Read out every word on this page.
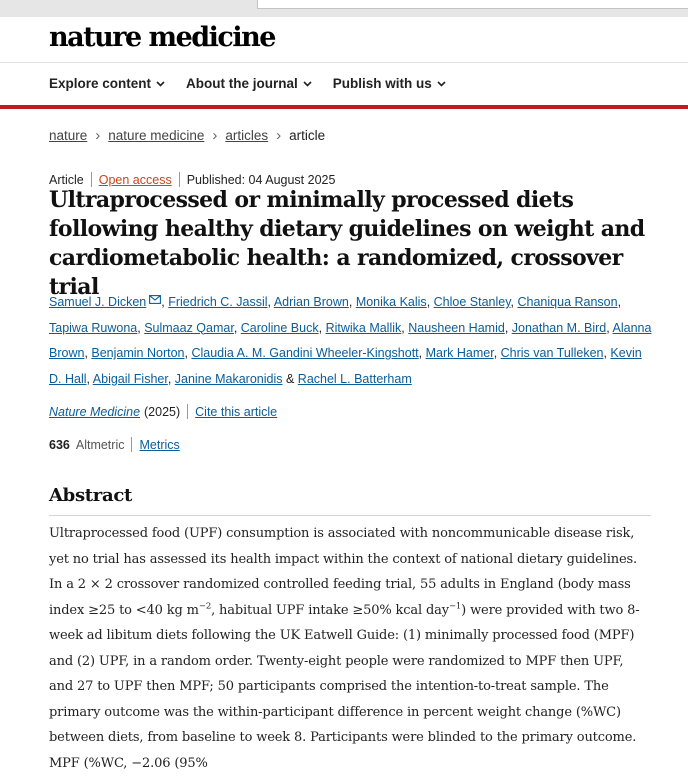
nature medicine
Explore content	About the journal	Publish with us
nature › nature medicine › articles › article
Article Open access Published: 04 August 2025
Ultraprocessed or minimally processed diets following healthy dietary guidelines on weight and cardiometabolic health: a randomized, crossover trial
Samuel J. Dicken , Friedrich C. Jassil, Adrian Brown, Monika Kalis, Chloe Stanley, Chaniqua Ranson,
Tapiwa Ruwona, Sulmaaz Qamar, Caroline Buck, Ritwika Mallik, Nausheen Hamid, Jonathan M. Bird, Alanna Brown, Benjamin Norton, Claudia A. M. Gandini Wheeler-Kingshott, Mark Hamer, Chris van Tulleken, Kevin D. Hall, Abigail Fisher, Janine Makaronidis & Rachel L. Batterham
Nature Medicine (2025) Cite this article
636 Altmetric Metrics
Abstract

Ultraprocessed food (UPF) consumption is associated with noncommunicable disease risk, yet no trial has assessed its health impact within the context of national dietary guidelines. In a 2 × 2 crossover randomized controlled feeding trial, 55 adults in England (body mass index ≥25 to <40 kg $m^{-2}$, habitual UPF intake ≥50% kcal day$^{-1}$) were provided with two 8-week ad libitum diets following the UK Eatwell Guide: (1) minimally processed food (MPF) and (2) UPF, in a random order. Twenty-eight people were randomized to MPF then UPF, and 27 to UPF then MPF; 50 participants comprised the intention-to-treat sample. The primary outcome was the within-participant difference in percent weight change (%WC) between diets, from baseline to week 8. Participants were blinded to the primary outcome. MPF (%WC, −2.06 (95%
